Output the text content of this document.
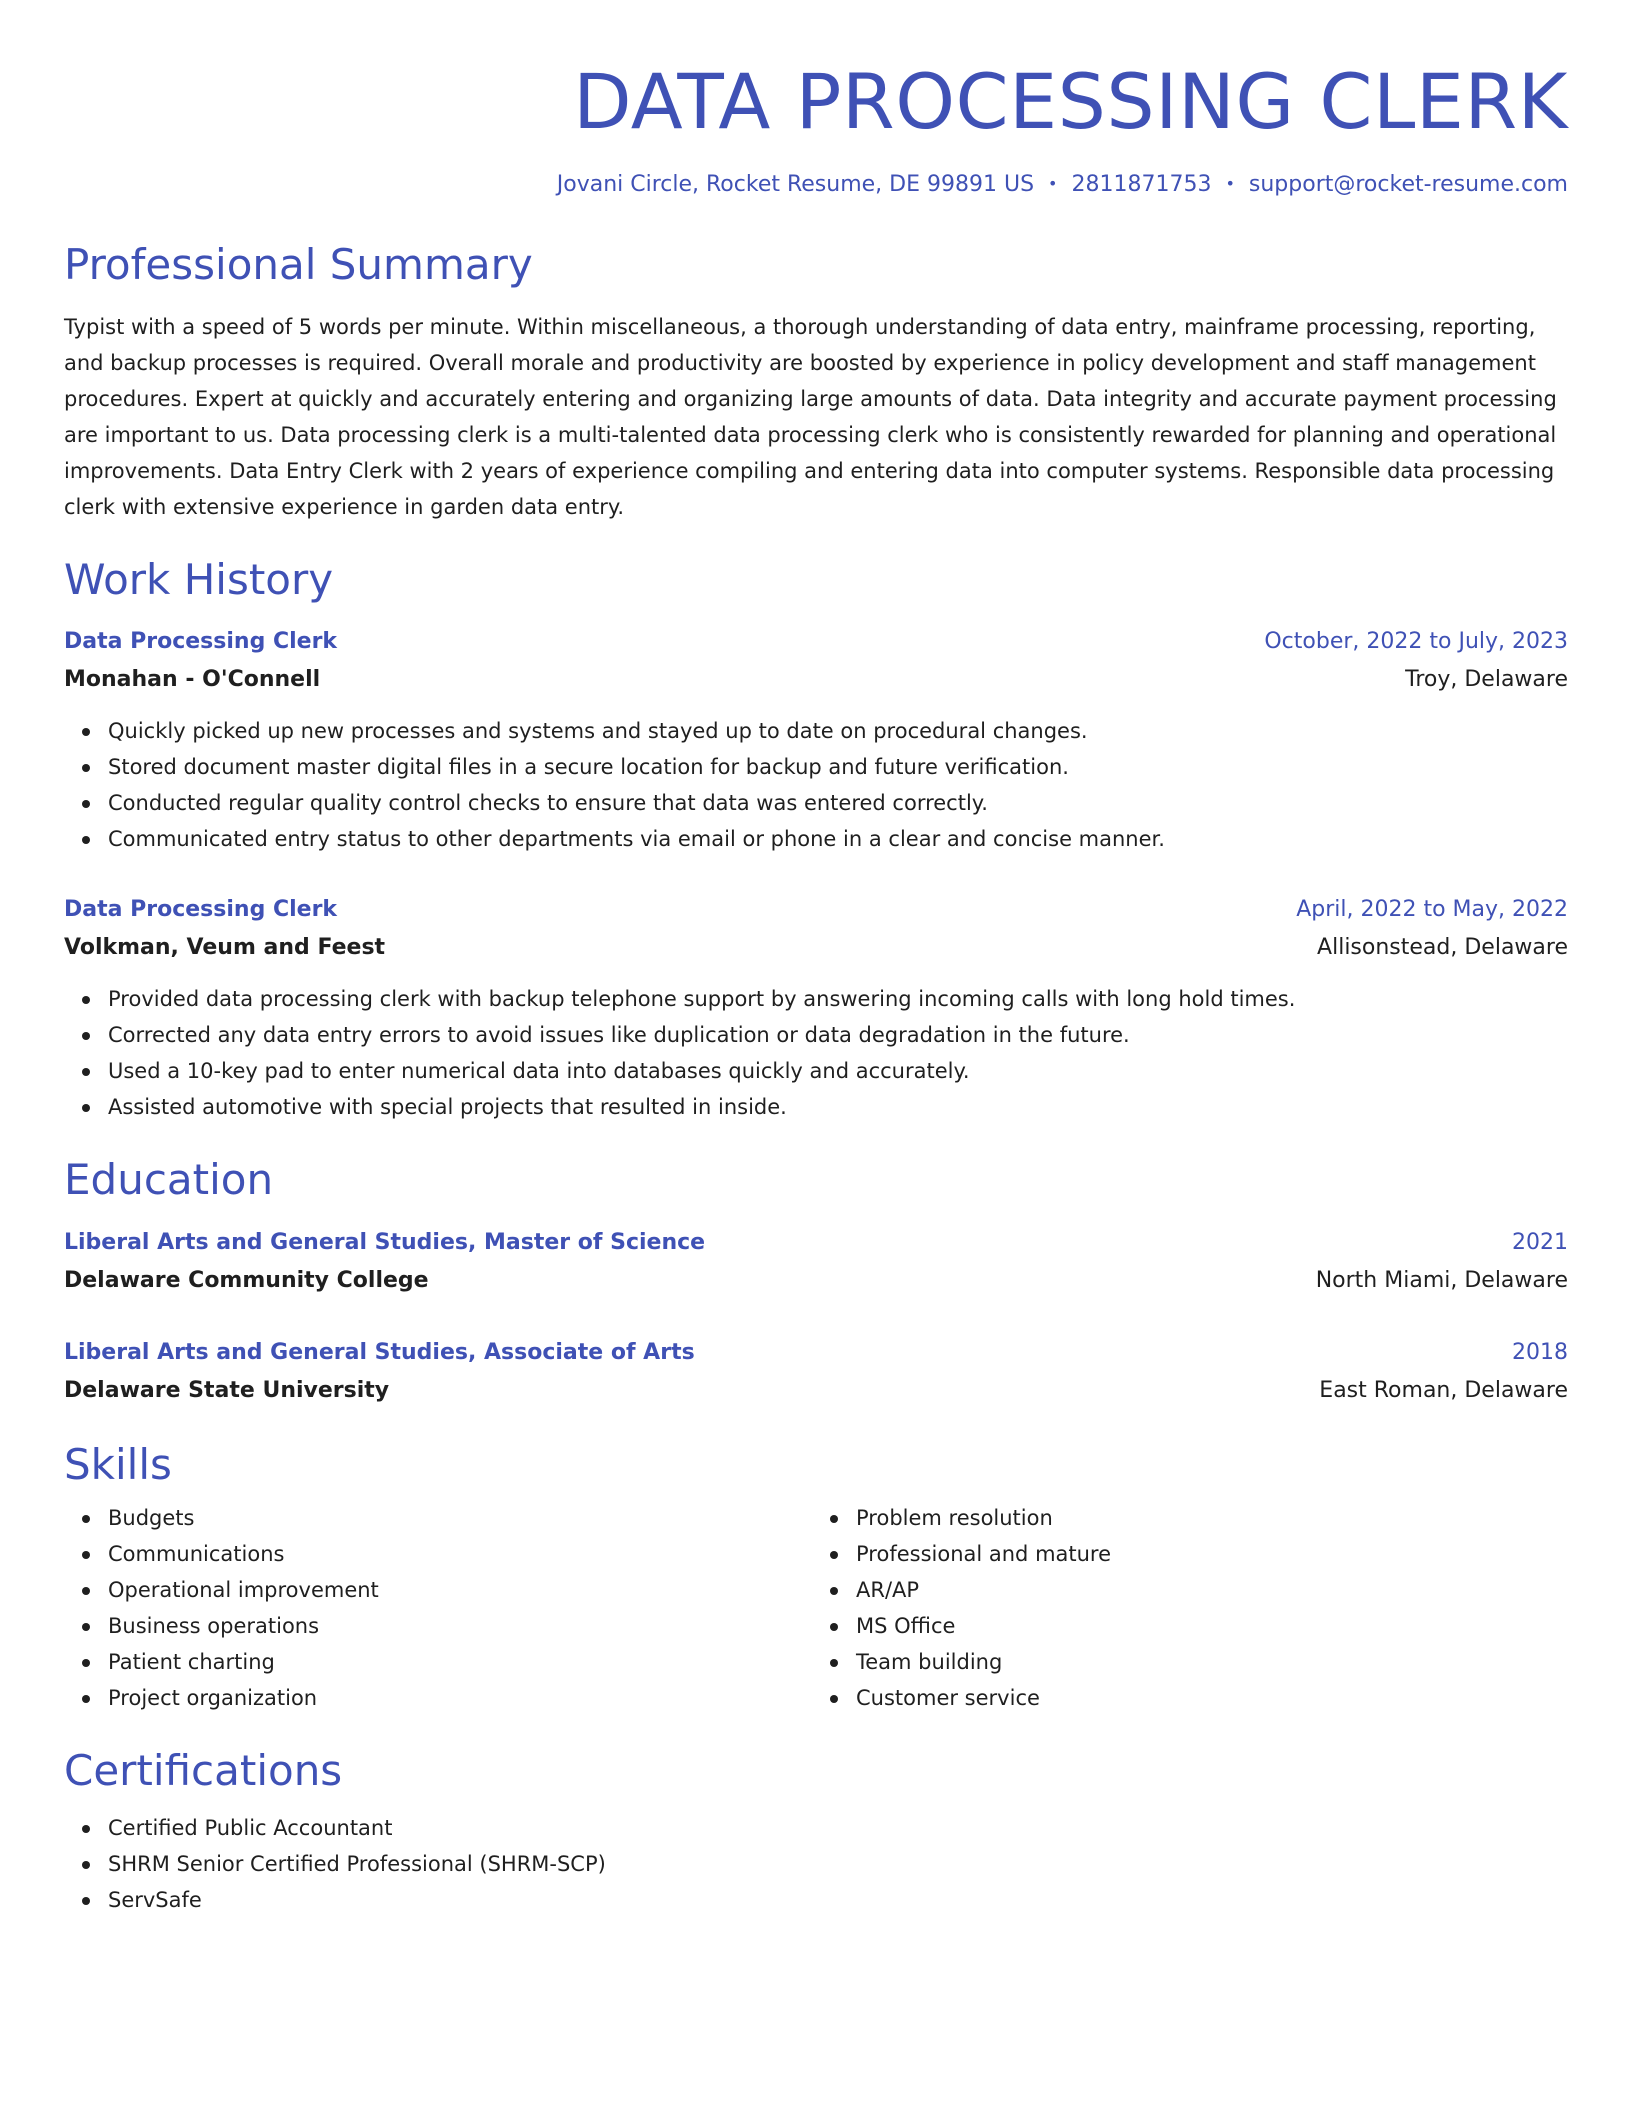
DATA PROCESSING CLERK
Jovani Circle, Rocket Resume, DE 99891 US • 2811871753 • support@rocket-resume.com
Professional Summary
Typist with a speed of 5 words per minute. Within miscellaneous, a thorough understanding of data entry, mainframe processing, reporting, and backup processes is required. Overall morale and productivity are boosted by experience in policy development and staff management procedures. Expert at quickly and accurately entering and organizing large amounts of data. Data integrity and accurate payment processing are important to us. Data processing clerk is a multi-talented data processing clerk who is consistently rewarded for planning and operational improvements. Data Entry Clerk with 2 years of experience compiling and entering data into computer systems. Responsible data processing clerk with extensive experience in garden data entry.
Work History
Data Processing Clerk	October, 2022 to July, 2023
Monahan - O'Connell	Troy, Delaware
Quickly picked up new processes and systems and stayed up to date on procedural changes.
Stored document master digital files in a secure location for backup and future verification.
Conducted regular quality control checks to ensure that data was entered correctly.
Communicated entry status to other departments via email or phone in a clear and concise manner.
Data Processing Clerk	April, 2022 to May, 2022
Volkman, Veum and Feest	Allisonstead, Delaware
Provided data processing clerk with backup telephone support by answering incoming calls with long hold times.
Corrected any data entry errors to avoid issues like duplication or data degradation in the future.
Used a 10-key pad to enter numerical data into databases quickly and accurately.
Assisted automotive with special projects that resulted in inside.
Education
Liberal Arts and General Studies, Master of Science	2021
Delaware Community College	North Miami, Delaware
Liberal Arts and General Studies, Associate of Arts	2018
Delaware State University	East Roman, Delaware
Skills
Budgets
Communications
Operational improvement
Business operations
Patient charting
Project organization
Problem resolution
Professional and mature
AR/AP
MS Office
Team building
Customer service
Certifications
Certified Public Accountant
SHRM Senior Certified Professional (SHRM-SCP)
ServSafe
